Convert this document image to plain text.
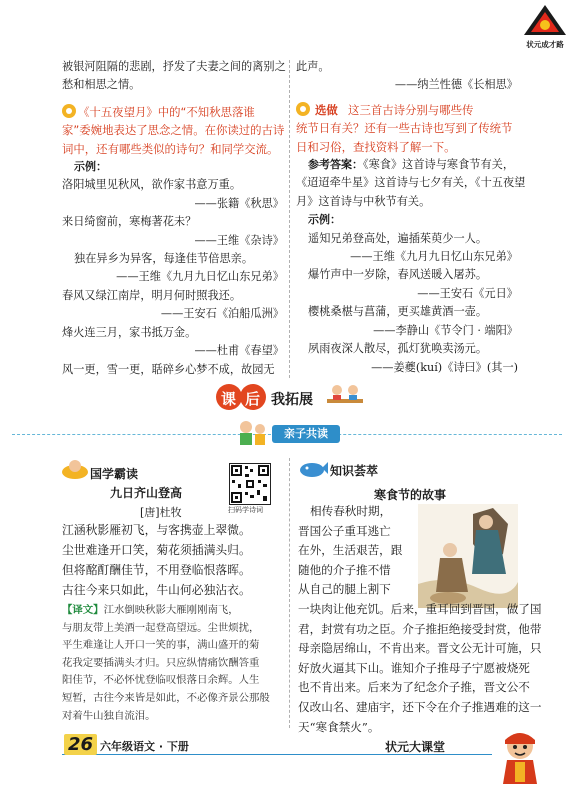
状元成才路

被银河阻隔的悲剧，抒发了夫妻之间的离别之

愁和相思之情。

《十五夜望月》中的“不知秋思落谁

家”委婉地表达了思念之情。在你读过的古诗

词中，还有哪些类似的诗句？和同学交流。

示例：

洛阳城里见秋风，欲作家书意万重。

——张籍《秋思》

来日绮窗前，寒梅著花未？

——王维《杂诗》

独在异乡为异客，每逢佳节倍思亲。

——王维《九月九日忆山东兄弟》

春风又绿江南岸，明月何时照我还。

——王安石《泊船瓜洲》

烽火连三月，家书抵万金。

——杜甫《春望》

风一更，雪一更，聒碎乡心梦不成，故园无

此声。

——纳兰性德《长相思》

选做 这三首古诗分别与哪些传

统节日有关？还有一些古诗也写到了传统节

日和习俗，查找资料了解一下。

参考答案：《寒食》这首诗与寒食节有关，

《迢迢牵牛星》这首诗与七夕有关，《十五夜望

月》这首诗与中秋节有关。

示例：

遥知兄弟登高处，遍插茱萸少一人。

——王维《九月九日忆山东兄弟》

爆竹声中一岁除，春风送暖入屠苏。

——王安石《元日》

樱桃桑椹与菖蒲，更买雄黄酒一壶。

——李静山《节令门 · 端阳》

夙雨夜深人散尽，孤灯犹唤卖汤元。

——姜夔(kuí)《诗曰》(其一)

课 后 我拓展
亲子共读
国学霸读
九日齐山登高
[唐]杜牧	扫码学诗词

江涵秋影雁初飞，与客携壶上翠微。

尘世难逢开口笑，菊花须插满头归。

但将酩酊酬佳节，不用登临恨落晖。

古往今来只如此，牛山何必独沾衣。

【译文】江水倒映秋影大雁刚刚南飞，

与朋友带上美酒一起登高望远。尘世烦扰，

平生难逢让人开口一笑的事，满山盛开的菊

花我定要插满头才归。只应纵情痛饮酬答重

阳佳节，不必怀忧登临叹恨落日余辉。人生

短暂，古往今来皆是如此，不必像齐景公那般

对着牛山独自流泪。

知识荟萃
寒食节的故事

相传春秋时期，

晋国公子重耳逃亡

在外，生活艰苦，跟

随他的介子推不惜

从自己的腿上割下

一块肉让他充饥。后来，重耳回到晋国，做了国

君，封赏有功之臣。介子推拒绝接受封赏，他带

母亲隐居绵山，不肯出来。晋文公无计可施，只

好放火逼其下山。谁知介子推母子宁愿被烧死

也不肯出来。后来为了纪念介子推，晋文公不

仅改山名、建庙宇，还下令在介子推遇难的这一

天“寒食禁火”。

26 六年级语文 · 下册	状元大课堂
